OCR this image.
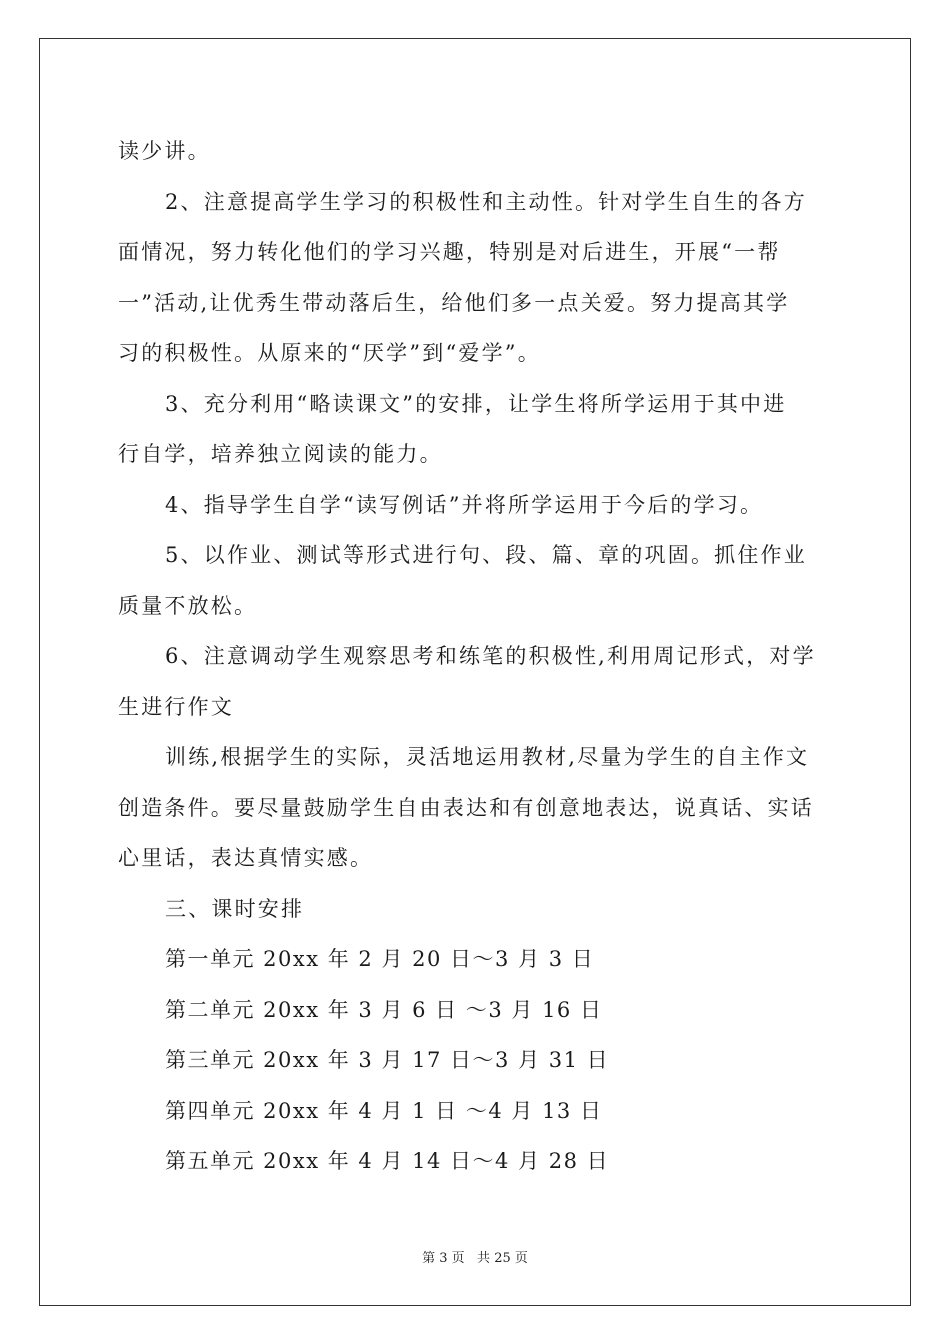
读少讲。
2、注意提高学生学习的积极性和主动性。针对学生自生的各方
面情况，努力转化他们的学习兴趣，特别是对后进生，开展“一帮
一”活动,让优秀生带动落后生，给他们多一点关爱。努力提高其学
习的积极性。从原来的“厌学”到“爱学”。
3、充分利用“略读课文”的安排，让学生将所学运用于其中进
行自学，培养独立阅读的能力。
4、指导学生自学“读写例话”并将所学运用于今后的学习。
5、以作业、测试等形式进行句、段、篇、章的巩固。抓住作业
质量不放松。
6、注意调动学生观察思考和练笔的积极性,利用周记形式，对学
生进行作文
训练,根据学生的实际，灵活地运用教材,尽量为学生的自主作文
创造条件。要尽量鼓励学生自由表达和有创意地表达，说真话、实话
心里话，表达真情实感。
三、课时安排
第一单元 20xx 年 2 月 20 日～3 月 3 日
第二单元 20xx 年 3 月 6 日 ～3 月 16 日
第三单元 20xx 年 3 月 17 日～3 月 31 日
第四单元 20xx 年 4 月 1 日 ～4 月 13 日
第五单元 20xx 年 4 月 14 日～4 月 28 日
第 3 页   共 25 页
